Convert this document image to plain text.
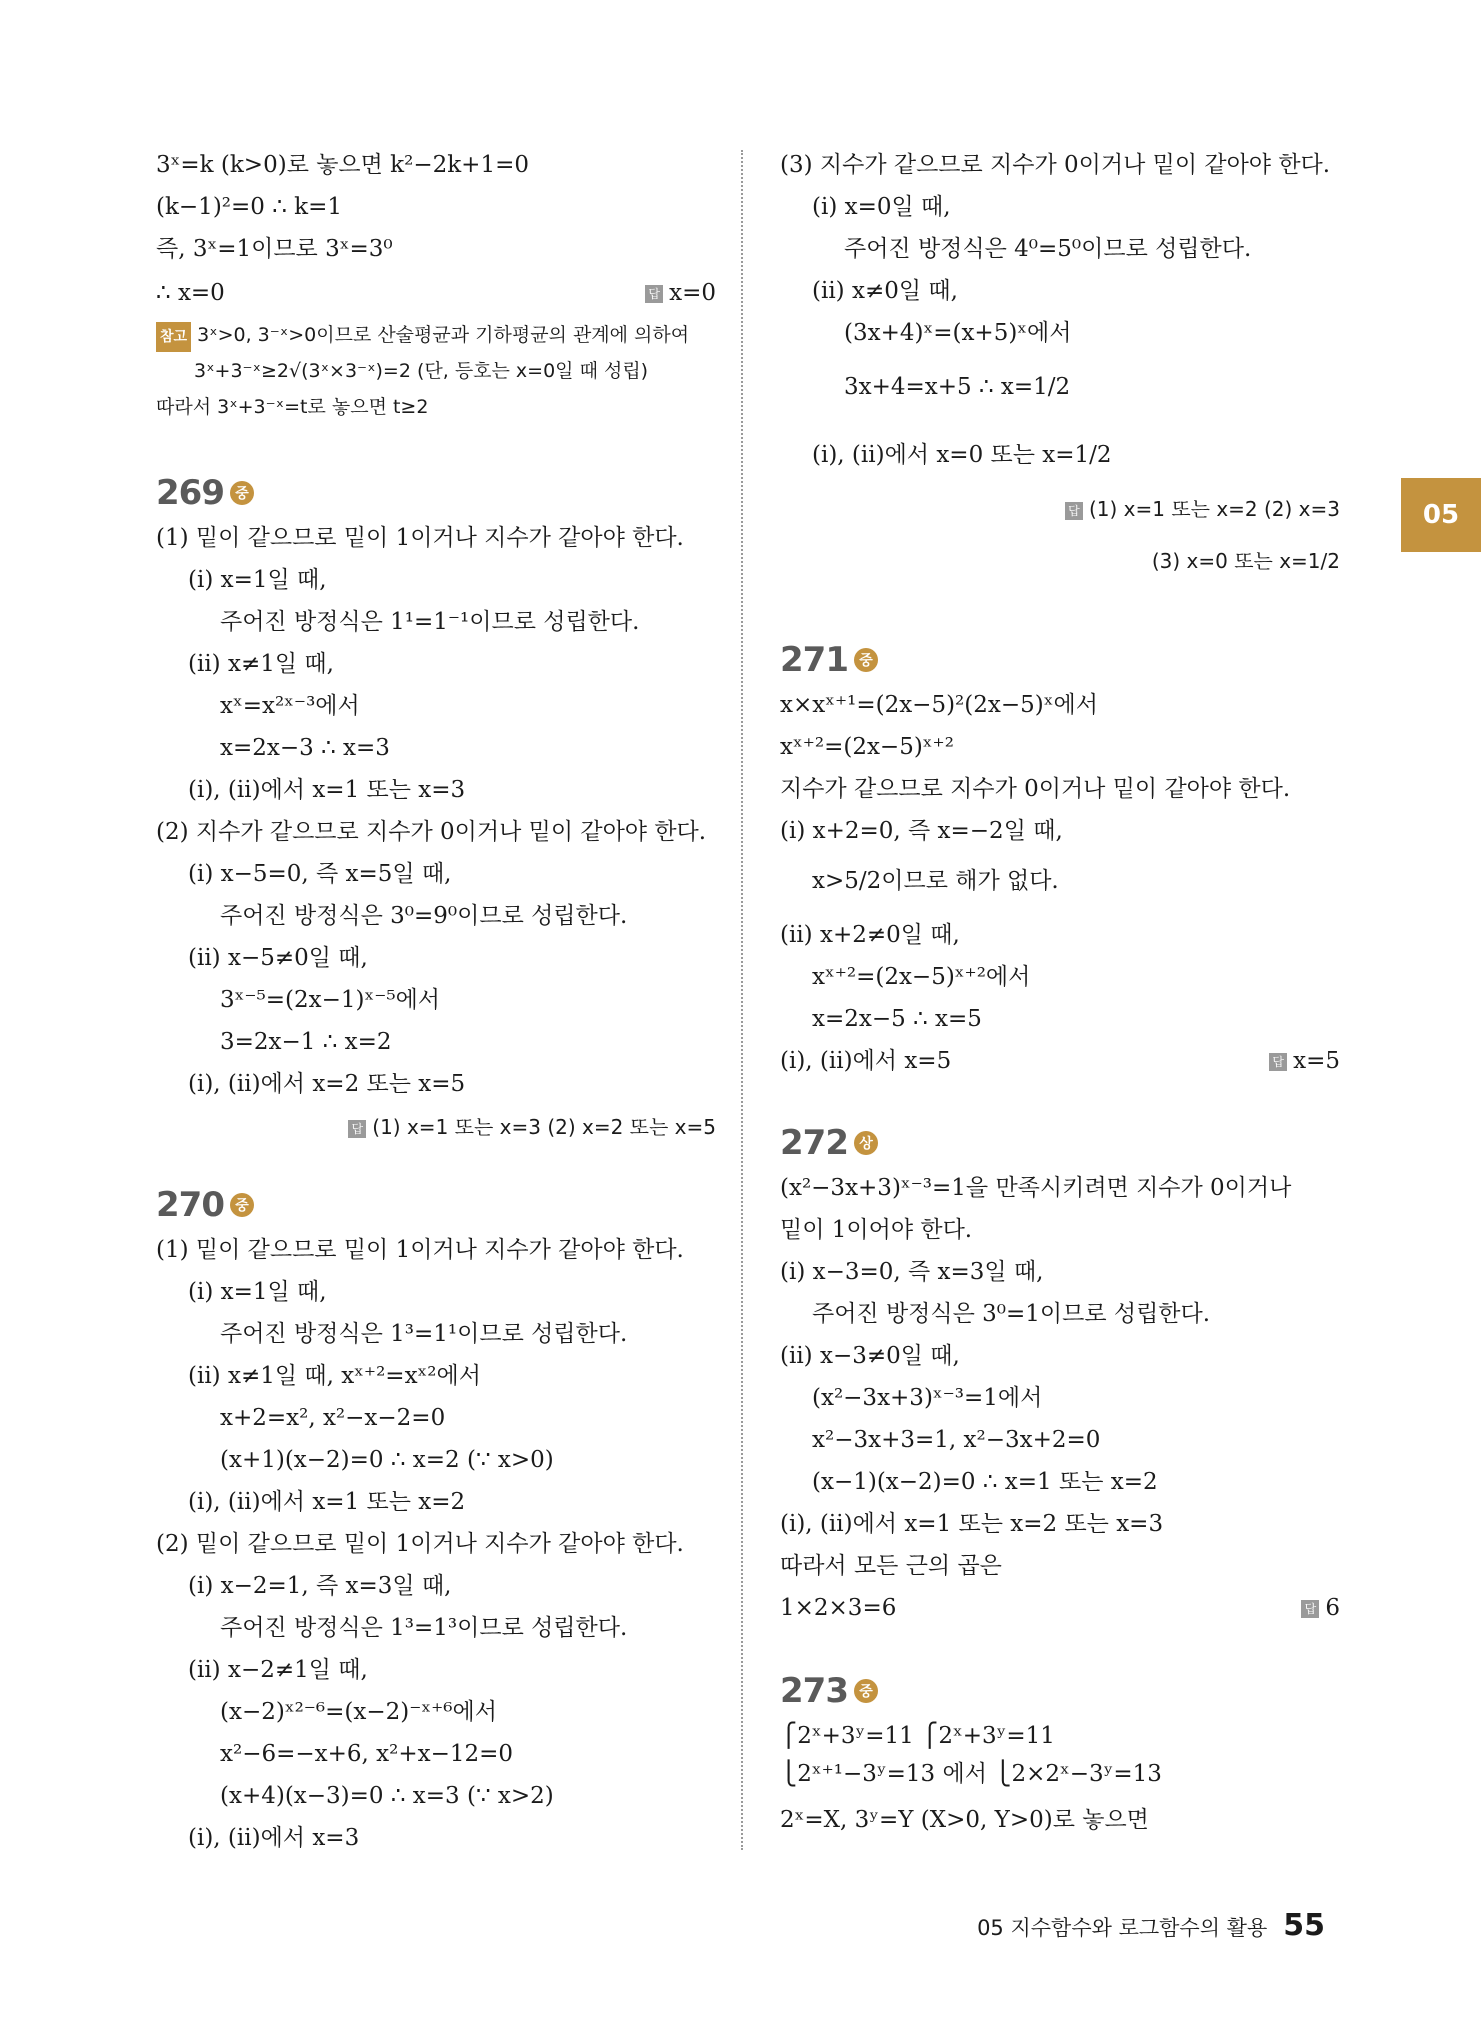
05
3ˣ=k (k>0)로 놓으면 k²−2k+1=0
(k−1)²=0 ∴ k=1
즉, 3ˣ=1이므로 3ˣ=3⁰
∴ x=0	답 x=0
참고 3ˣ>0, 3⁻ˣ>0이므로 산술평균과 기하평균의 관계에 의하여
3ˣ+3⁻ˣ≥2√(3ˣ×3⁻ˣ)=2 (단, 등호는 x=0일 때 성립)
따라서 3ˣ+3⁻ˣ=t로 놓으면 t≥2
269 중
(1) 밑이 같으므로 밑이 1이거나 지수가 같아야 한다.
(ⅰ) x=1일 때,
주어진 방정식은 1¹=1⁻¹이므로 성립한다.
(ⅱ) x≠1일 때,
xˣ=x²ˣ⁻³에서
x=2x−3 ∴ x=3
(ⅰ), (ⅱ)에서 x=1 또는 x=3
(2) 지수가 같으므로 지수가 0이거나 밑이 같아야 한다.
(ⅰ) x−5=0, 즉 x=5일 때,
주어진 방정식은 3⁰=9⁰이므로 성립한다.
(ⅱ) x−5≠0일 때,
3ˣ⁻⁵=(2x−1)ˣ⁻⁵에서
3=2x−1 ∴ x=2
(ⅰ), (ⅱ)에서 x=2 또는 x=5
답 (1) x=1 또는 x=3 (2) x=2 또는 x=5
270 중
(1) 밑이 같으므로 밑이 1이거나 지수가 같아야 한다.
(ⅰ) x=1일 때,
주어진 방정식은 1³=1¹이므로 성립한다.
(ⅱ) x≠1일 때, xˣ⁺²=xˣ²에서
x+2=x², x²−x−2=0
(x+1)(x−2)=0 ∴ x=2 (∵ x>0)
(ⅰ), (ⅱ)에서 x=1 또는 x=2
(2) 밑이 같으므로 밑이 1이거나 지수가 같아야 한다.
(ⅰ) x−2=1, 즉 x=3일 때,
주어진 방정식은 1³=1³이므로 성립한다.
(ⅱ) x−2≠1일 때,
(x−2)ˣ²⁻⁶=(x−2)⁻ˣ⁺⁶에서
x²−6=−x+6, x²+x−12=0
(x+4)(x−3)=0 ∴ x=3 (∵ x>2)
(ⅰ), (ⅱ)에서 x=3
(3) 지수가 같으므로 지수가 0이거나 밑이 같아야 한다.
(ⅰ) x=0일 때,
주어진 방정식은 4⁰=5⁰이므로 성립한다.
(ⅱ) x≠0일 때,
(3x+4)ˣ=(x+5)ˣ에서
3x+4=x+5 ∴ x=1/2
(ⅰ), (ⅱ)에서 x=0 또는 x=1/2
답 (1) x=1 또는 x=2 (2) x=3
(3) x=0 또는 x=1/2
271 중
x×xˣ⁺¹=(2x−5)²(2x−5)ˣ에서
xˣ⁺²=(2x−5)ˣ⁺²
지수가 같으므로 지수가 0이거나 밑이 같아야 한다.
(ⅰ) x+2=0, 즉 x=−2일 때,
x>5/2이므로 해가 없다.
(ⅱ) x+2≠0일 때,
xˣ⁺²=(2x−5)ˣ⁺²에서
x=2x−5 ∴ x=5
(ⅰ), (ⅱ)에서 x=5	답 x=5
272 상
(x²−3x+3)ˣ⁻³=1을 만족시키려면 지수가 0이거나
밑이 1이어야 한다.
(ⅰ) x−3=0, 즉 x=3일 때,
주어진 방정식은 3⁰=1이므로 성립한다.
(ⅱ) x−3≠0일 때,
(x²−3x+3)ˣ⁻³=1에서
x²−3x+3=1, x²−3x+2=0
(x−1)(x−2)=0 ∴ x=1 또는 x=2
(ⅰ), (ⅱ)에서 x=1 또는 x=2 또는 x=3
따라서 모든 근의 곱은
1×2×3=6	답 6
273 중
⎧2ˣ+3ʸ=11 ⎧2ˣ+3ʸ=11
⎩2ˣ⁺¹−3ʸ=13 에서 ⎩2×2ˣ−3ʸ=13
2ˣ=X, 3ʸ=Y (X>0, Y>0)로 놓으면
05 지수함수와 로그함수의 활용 55
